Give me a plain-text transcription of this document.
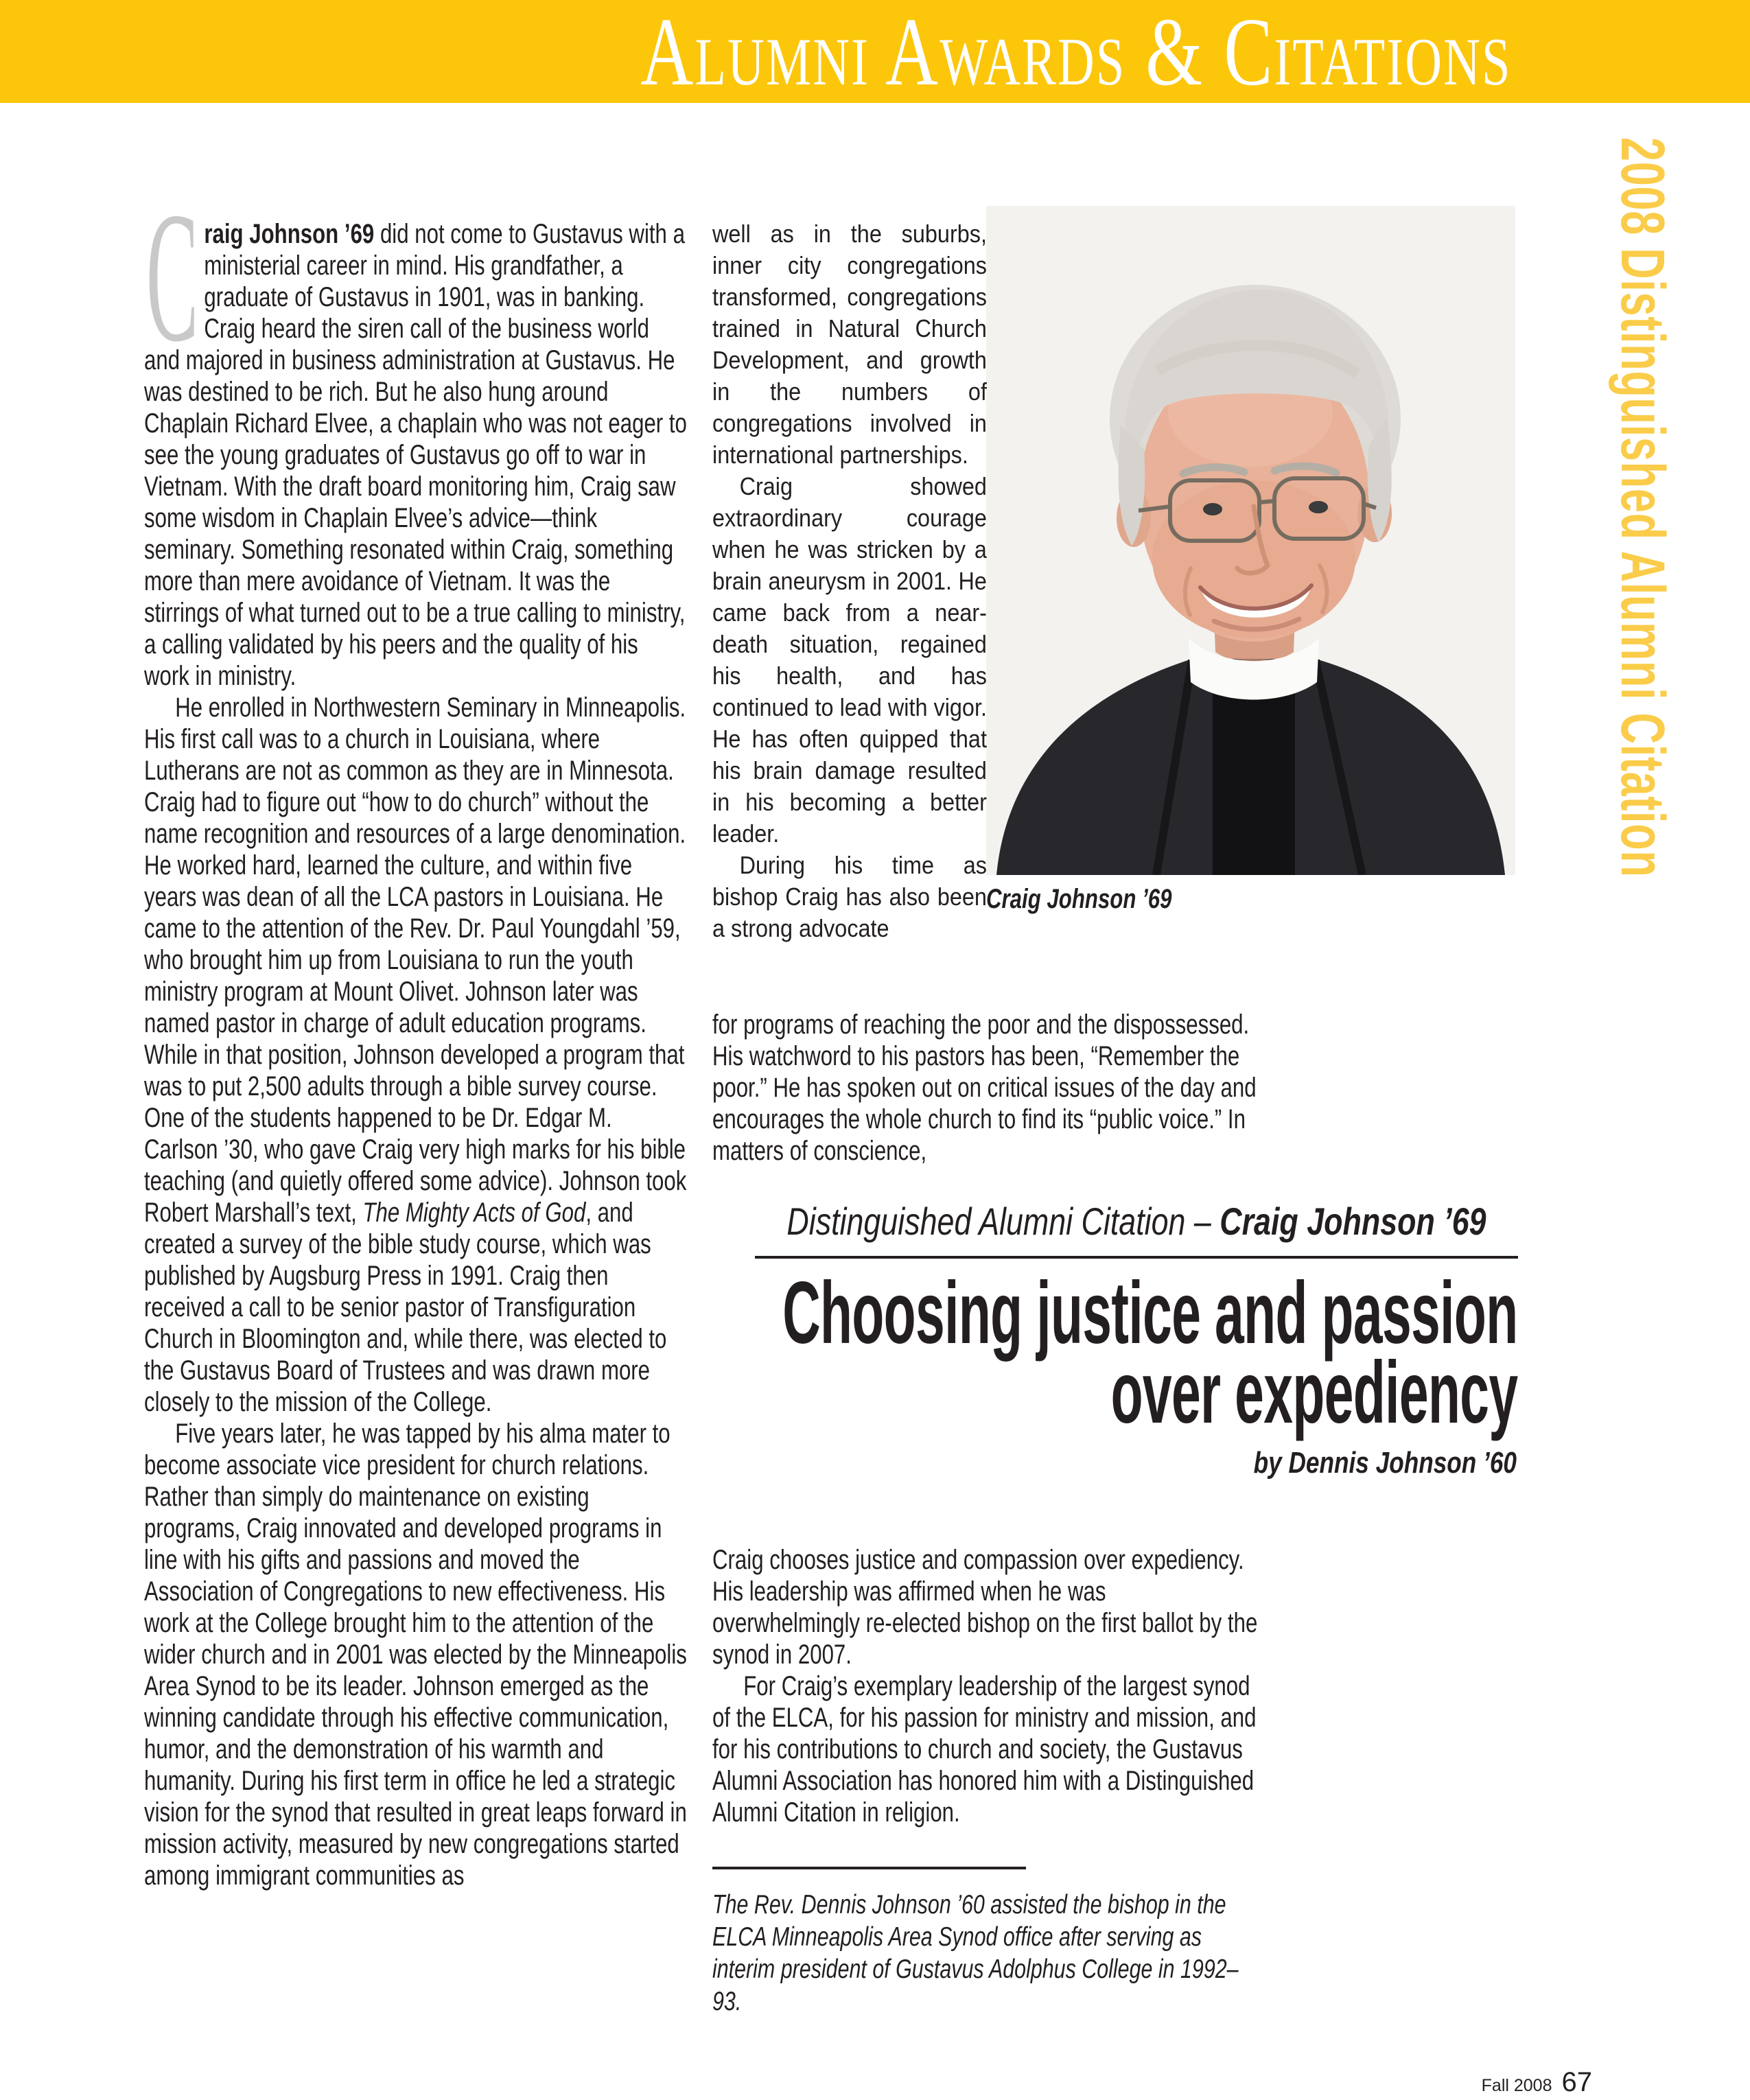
Alumni Awards & Citations
2008 Distinguished Alumni Citation
C raig Johnson ’69 did not come to Gustavus with a ministerial career in mind. His grandfather, a graduate of Gustavus in 1901, was in banking. Craig heard the siren call of the business world and majored in business administration at Gustavus. He was destined to be rich. But he also hung around Chaplain Richard Elvee, a chaplain who was not eager to see the young graduates of Gustavus go off to war in Vietnam. With the draft board monitoring him, Craig saw some wisdom in Chaplain Elvee’s advice—think seminary. Something resonated within Craig, something more than mere avoidance of Vietnam. It was the stirrings of what turned out to be a true calling to ministry, a calling validated by his peers and the quality of his work in ministry.

He enrolled in Northwestern Seminary in Minneapolis. His first call was to a church in Louisiana, where Lutherans are not as common as they are in Minnesota. Craig had to figure out “how to do church” without the name recognition and resources of a large denomination. He worked hard, learned the culture, and within five years was dean of all the LCA pastors in Louisiana. He came to the attention of the Rev. Dr. Paul Youngdahl ’59, who brought him up from Louisiana to run the youth ministry program at Mount Olivet. Johnson later was named pastor in charge of adult education programs. While in that position, Johnson developed a program that was to put 2,500 adults through a bible survey course. One of the students happened to be Dr. Edgar M. Carlson ’30, who gave Craig very high marks for his bible teaching (and quietly offered some advice). Johnson took Robert Marshall’s text, The Mighty Acts of God, and created a survey of the bible study course, which was published by Augsburg Press in 1991. Craig then received a call to be senior pastor of Transfiguration Church in Bloomington and, while there, was elected to the Gustavus Board of Trustees and was drawn more closely to the mission of the College.

Five years later, he was tapped by his alma mater to become associate vice president for church relations. Rather than simply do maintenance on existing programs, Craig innovated and developed programs in line with his gifts and passions and moved the Association of Congregations to new effectiveness. His work at the College brought him to the attention of the wider church and in 2001 was elected by the Minneapolis Area Synod to be its leader. Johnson emerged as the winning candidate through his effective communication, humor, and the demonstration of his warmth and humanity. During his first term in office he led a strategic vision for the synod that resulted in great leaps forward in mission activity, measured by new congregations started among immigrant communities as

Craig Johnson ’69

well as in the suburbs, inner city congregations transformed, congregations trained in Natural Church Development, and growth in the numbers of congregations involved in international partnerships.

Craig showed extraordinary courage when he was stricken by a brain aneurysm in 2001. He came back from a near-death situation, regained his health, and has continued to lead with vigor. He has often quipped that his brain damage resulted in his becoming a better leader.

During his time as bishop Craig has also been a strong advocate

for programs of reaching the poor and the dispossessed. His watchword to his pastors has been, “Remember the poor.” He has spoken out on critical issues of the day and encourages the whole church to find its “public voice.” In matters of conscience,

Distinguished Alumni Citation – Craig Johnson ’69
Choosing justice and passion
over expediency
by Dennis Johnson ’60

Craig chooses justice and compassion over expediency. His leadership was affirmed when he was overwhelmingly re-elected bishop on the first ballot by the synod in 2007.

For Craig’s exemplary leadership of the largest synod of the ELCA, for his passion for ministry and mission, and for his contributions to church and society, the Gustavus Alumni Association has honored him with a Distinguished Alumni Citation in religion.

The Rev. Dennis Johnson ’60 assisted the bishop in the ELCA Minneapolis Area Synod office after serving as interim president of Gustavus Adolphus College in 1992–93.

Fall 2008 67
